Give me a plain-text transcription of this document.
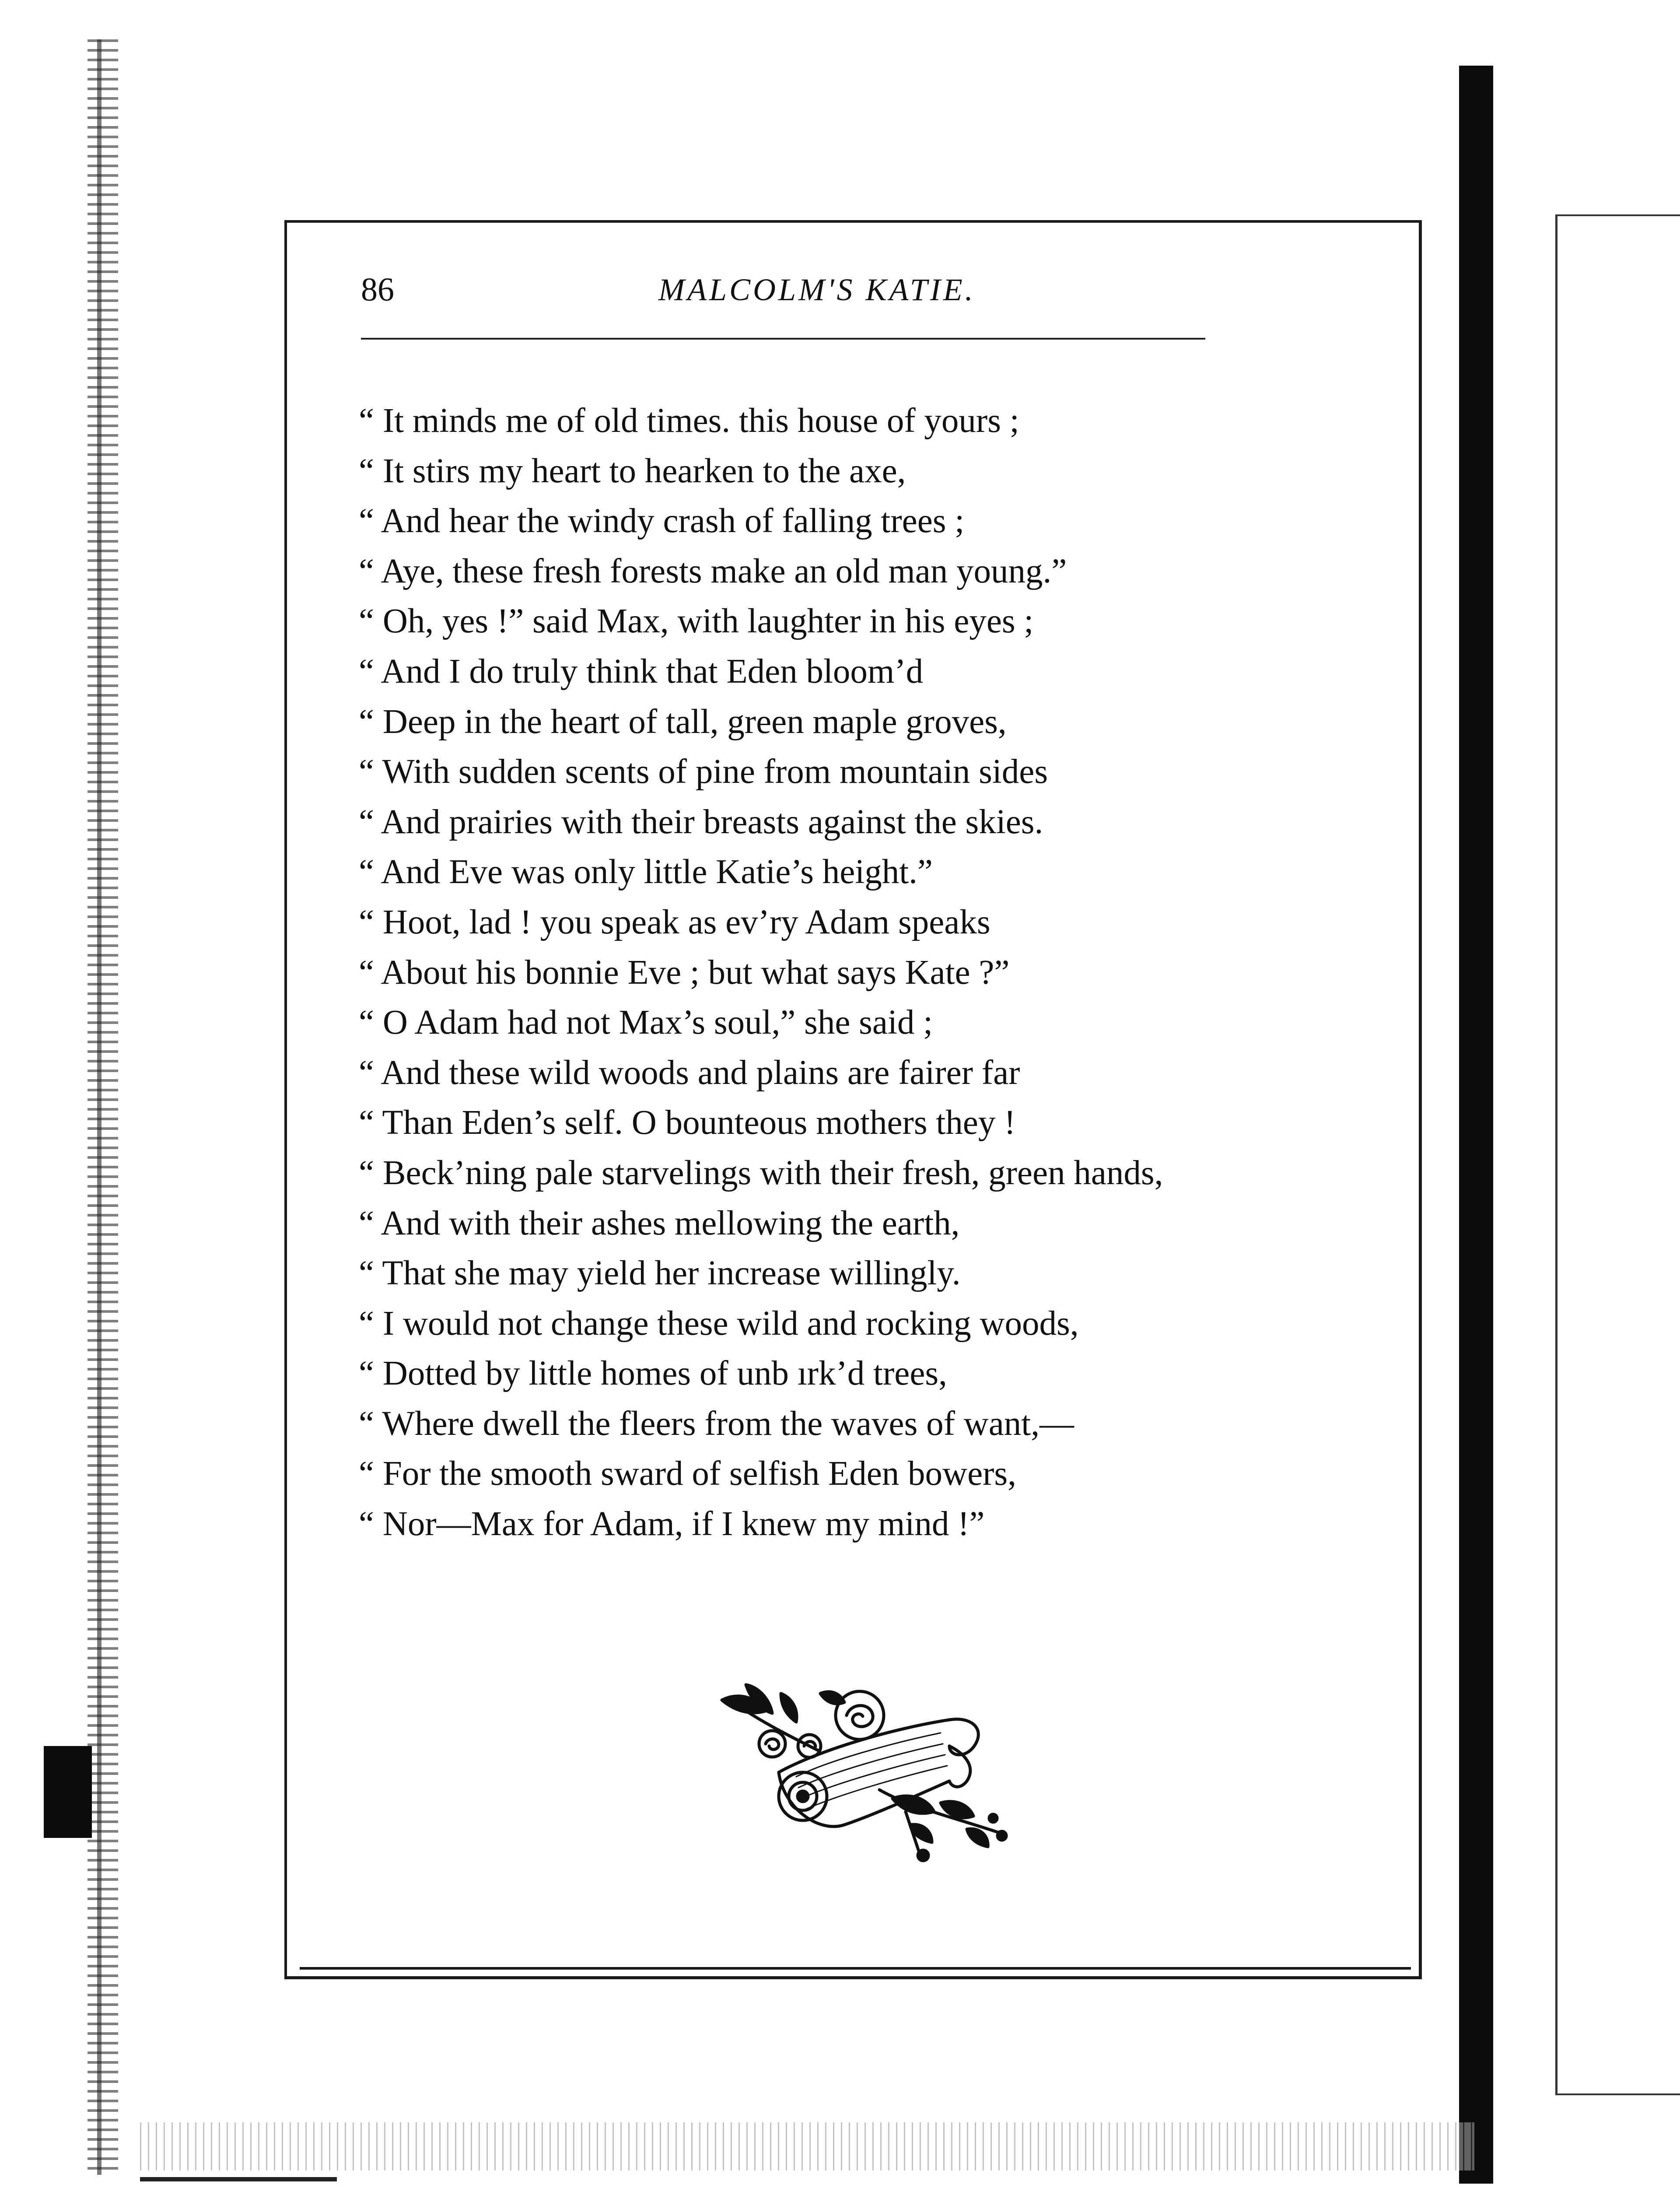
86	MALCOLM'S KATIE.
“ It minds me of old times. this house of yours ;
“ It stirs my heart to hearken to the axe,
“ And hear the windy crash of falling trees ;
“ Aye, these fresh forests make an old man young.”
“ Oh, yes !” said Max, with laughter in his eyes ;
“ And I do truly think that Eden bloom’d
“ Deep in the heart of tall, green maple groves,
“ With sudden scents of pine from mountain sides
“ And prairies with their breasts against the skies.
“ And Eve was only little Katie’s height.”
“ Hoot, lad ! you speak as ev’ry Adam speaks
“ About his bonnie Eve ; but what says Kate ?”
“ O Adam had not Max’s soul,” she said ;
“ And these wild woods and plains are fairer far
“ Than Eden’s self. O bounteous mothers they !
“ Beck’ning pale starvelings with their fresh, green hands,
“ And with their ashes mellowing the earth,
“ That she may yield her increase willingly.
“ I would not change these wild and rocking woods,
“ Dotted by little homes of unb ırk’d trees,
“ Where dwell the fleers from the waves of want,—
“ For the smooth sward of selfish Eden bowers,
“ Nor—Max for Adam, if I knew my mind !”
